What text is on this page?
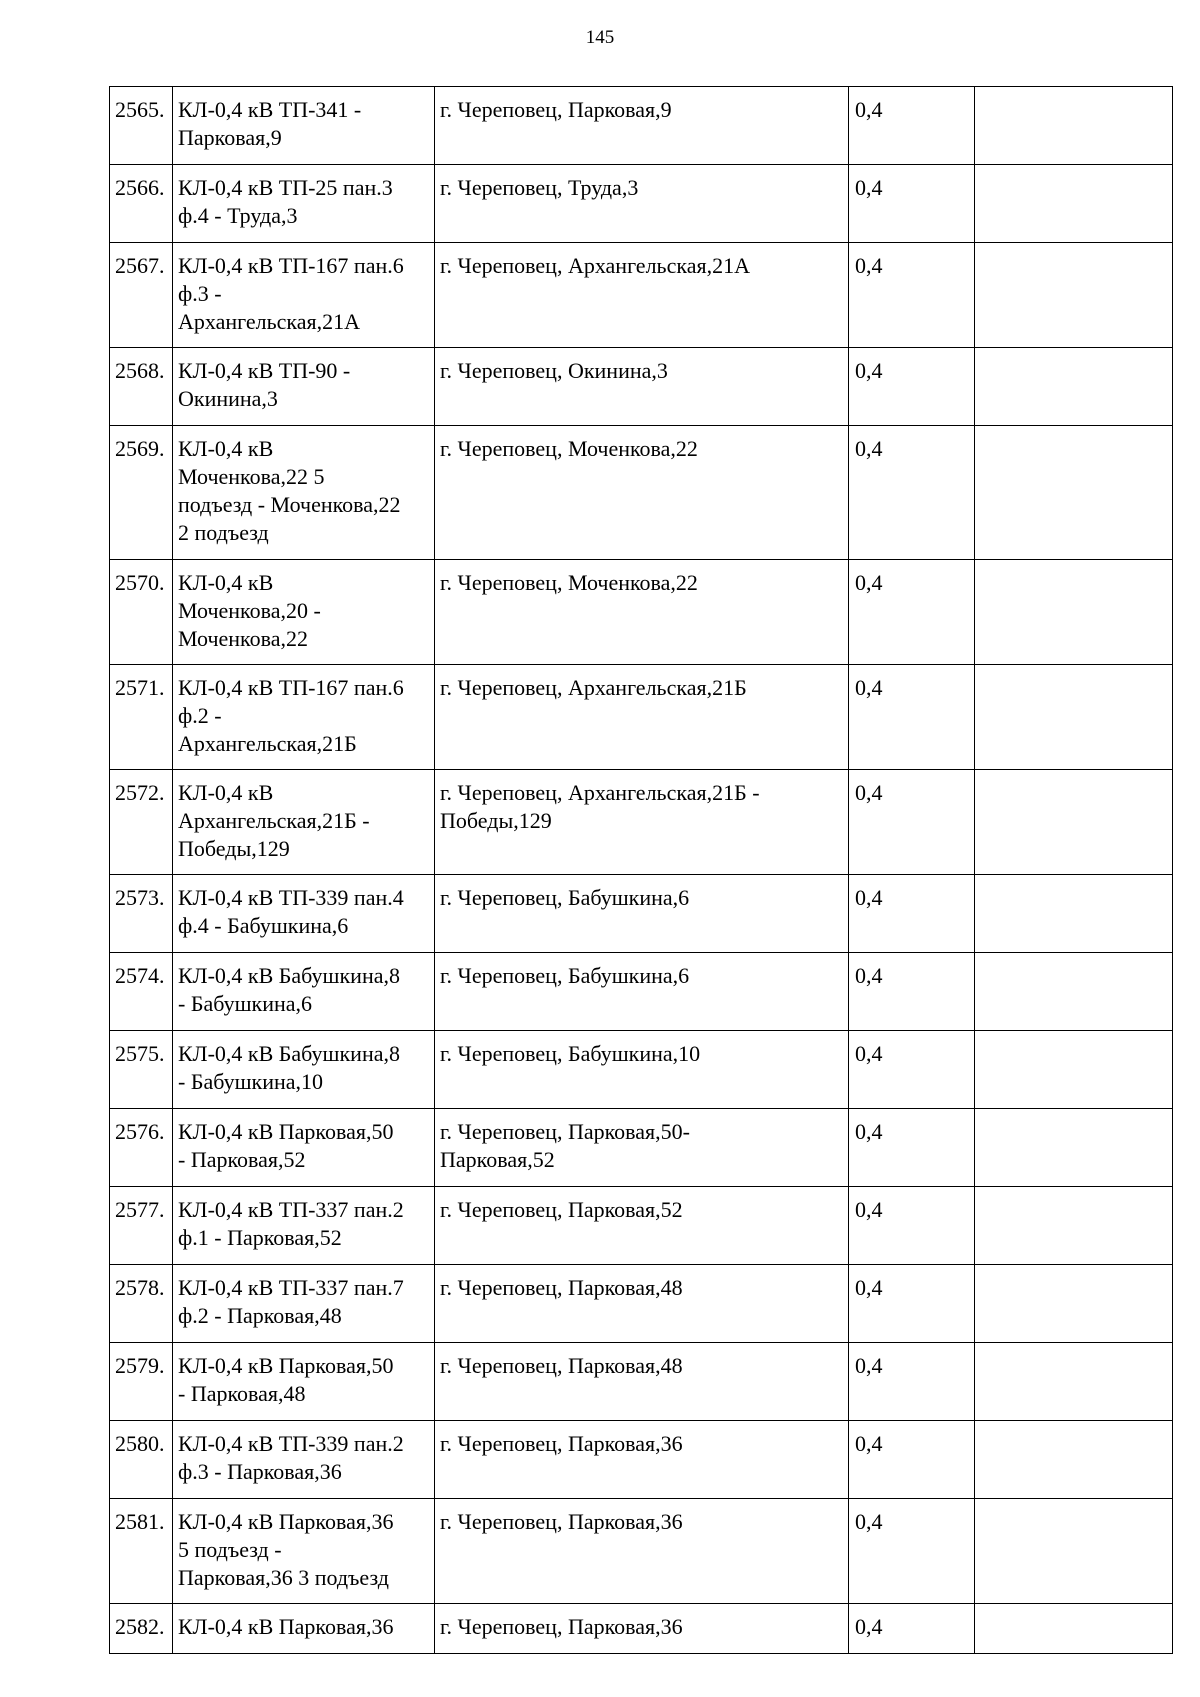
145
2565.	КЛ-0,4 кВ ТП-341 -
Парковая,9	г. Череповец, Парковая,9	0,4	
2566.	КЛ-0,4 кВ ТП-25 пан.3
ф.4 - Труда,3	г. Череповец, Труда,3	0,4	
2567.	КЛ-0,4 кВ ТП-167 пан.6
ф.3 -
Архангельская,21А	г. Череповец, Архангельская,21А	0,4	
2568.	КЛ-0,4 кВ ТП-90 -
Окинина,3	г. Череповец, Окинина,3	0,4	
2569.	КЛ-0,4 кВ
Моченкова,22 5
подъезд - Моченкова,22
2 подъезд	г. Череповец, Моченкова,22	0,4	
2570.	КЛ-0,4 кВ
Моченкова,20 -
Моченкова,22	г. Череповец, Моченкова,22	0,4	
2571.	КЛ-0,4 кВ ТП-167 пан.6
ф.2 -
Архангельская,21Б	г. Череповец, Архангельская,21Б	0,4	
2572.	КЛ-0,4 кВ
Архангельская,21Б -
Победы,129	г. Череповец, Архангельская,21Б -
Победы,129	0,4	
2573.	КЛ-0,4 кВ ТП-339 пан.4
ф.4 - Бабушкина,6	г. Череповец, Бабушкина,6	0,4	
2574.	КЛ-0,4 кВ Бабушкина,8
- Бабушкина,6	г. Череповец, Бабушкина,6	0,4	
2575.	КЛ-0,4 кВ Бабушкина,8
- Бабушкина,10	г. Череповец, Бабушкина,10	0,4	
2576.	КЛ-0,4 кВ Парковая,50
- Парковая,52	г. Череповец, Парковая,50-
Парковая,52	0,4	
2577.	КЛ-0,4 кВ ТП-337 пан.2
ф.1 - Парковая,52	г. Череповец, Парковая,52	0,4	
2578.	КЛ-0,4 кВ ТП-337 пан.7
ф.2 - Парковая,48	г. Череповец, Парковая,48	0,4	
2579.	КЛ-0,4 кВ Парковая,50
- Парковая,48	г. Череповец, Парковая,48	0,4	
2580.	КЛ-0,4 кВ ТП-339 пан.2
ф.3 - Парковая,36	г. Череповец, Парковая,36	0,4	
2581.	КЛ-0,4 кВ Парковая,36
5 подъезд -
Парковая,36 3 подъезд	г. Череповец, Парковая,36	0,4	
2582.	КЛ-0,4 кВ Парковая,36	г. Череповец, Парковая,36	0,4	
